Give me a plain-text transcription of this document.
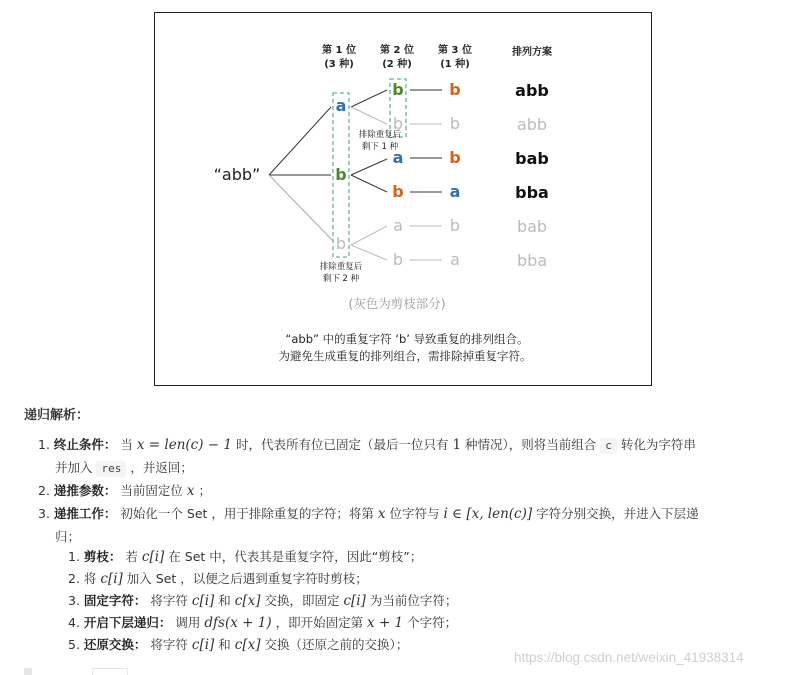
第 1 位
(3 种)
第 2 位
(2 种)
第 3 位
(1 种)
排列方案
“abb”
a
b
b
b
a
b
b
a
b
b
b
a
b
b
a
abb
bab
bba
abb
bab
bba
排除重复后
剩下 1 种
排除重复后
剩下 2 种
(灰色为剪枝部分)
“abb” 中的重复字符 ‘b’ 导致重复的排列组合。
为避免生成重复的排列组合，需排除掉重复字符。
递归解析：
1. 终止条件： 当 x = len(c) − 1 时，代表所有位已固定（最后一位只有 1 种情况），则将当前组合 c 转化为字符串
并加入 res ，并返回；
2. 递推参数： 当前固定位 x ；
3. 递推工作： 初始化一个 Set ，用于排除重复的字符；将第 x 位字符与 i ∈ [x, len(c)] 字符分别交换，并进入下层递
归；
1. 剪枝： 若 c[i] 在 Set 中，代表其是重复字符，因此“剪枝”；
2. 将 c[i] 加入 Set ，以便之后遇到重复字符时剪枝；
3. 固定字符： 将字符 c[i] 和 c[x] 交换，即固定 c[i] 为当前位字符；
4. 开启下层递归： 调用 dfs(x + 1) ，即开始固定第 x + 1 个字符；
5. 还原交换： 将字符 c[i] 和 c[x] 交换（还原之前的交换）；
https://blog.csdn.net/weixin_41938314
